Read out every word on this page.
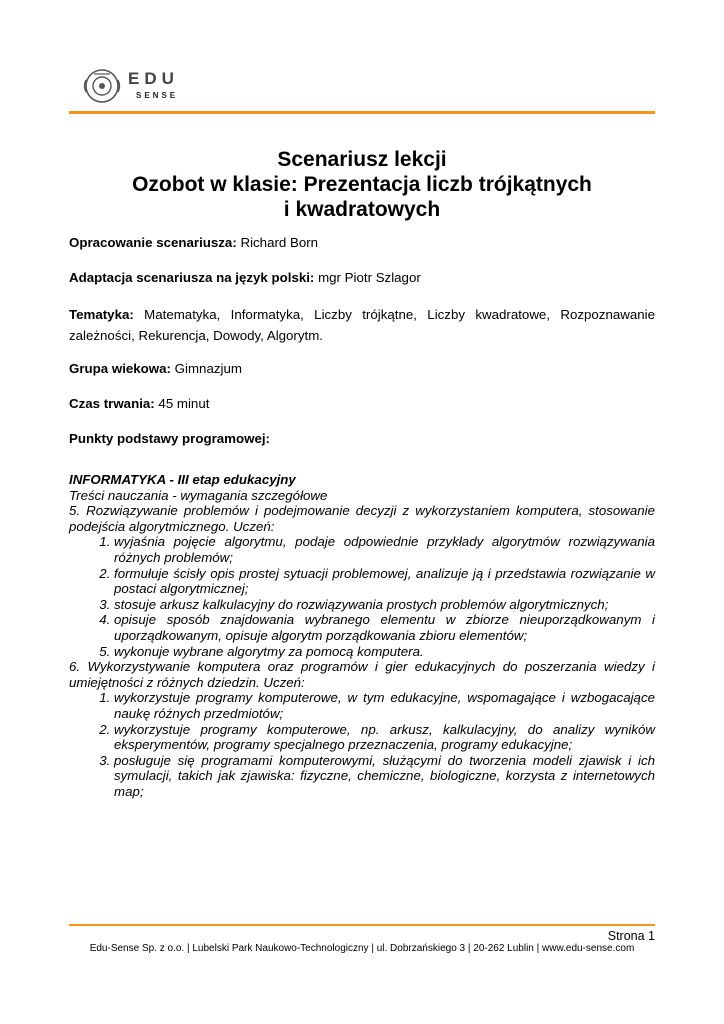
EDU
SENSE
Scenariusz lekcji
Ozobot w klasie: Prezentacja liczb trójkątnych
i kwadratowych
Opracowanie scenariusza: Richard Born
Adaptacja scenariusza na język polski: mgr Piotr Szlagor
Tematyka: Matematyka, Informatyka, Liczby trójkątne, Liczby kwadratowe, Rozpoznawanie zależności, Rekurencja, Dowody, Algorytm.
Grupa wiekowa: Gimnazjum
Czas trwania: 45 minut
Punkty podstawy programowej:
INFORMATYKA - III etap edukacyjny
Treści nauczania - wymagania szczegółowe
5. Rozwiązywanie problemów i podejmowanie decyzji z wykorzystaniem komputera, stosowanie podejścia algorytmicznego. Uczeń:
1. wyjaśnia pojęcie algorytmu, podaje odpowiednie przykłady algorytmów rozwiązywania różnych problemów;
2. formułuje ścisły opis prostej sytuacji problemowej, analizuje ją i przedstawia rozwiązanie w postaci algorytmicznej;
3. stosuje arkusz kalkulacyjny do rozwiązywania prostych problemów algorytmicznych;
4. opisuje sposób znajdowania wybranego elementu w zbiorze nieuporządkowanym i uporządkowanym, opisuje algorytm porządkowania zbioru elementów;
5. wykonuje wybrane algorytmy za pomocą komputera.
6. Wykorzystywanie komputera oraz programów i gier edukacyjnych do poszerzania wiedzy i umiejętności z różnych dziedzin. Uczeń:
1. wykorzystuje programy komputerowe, w tym edukacyjne, wspomagające i wzbogacające naukę różnych przedmiotów;
2. wykorzystuje programy komputerowe, np. arkusz, kalkulacyjny, do analizy wyników eksperymentów, programy specjalnego przeznaczenia, programy edukacyjne;
3. posługuje się programami komputerowymi, służącymi do tworzenia modeli zjawisk i ich symulacji, takich jak zjawiska: fizyczne, chemiczne, biologiczne, korzysta z internetowych map;
Strona 1
Edu-Sense Sp. z o.o. | Lubelski Park Naukowo-Technologiczny | ul. Dobrzańskiego 3 | 20-262 Lublin | www.edu-sense.com
